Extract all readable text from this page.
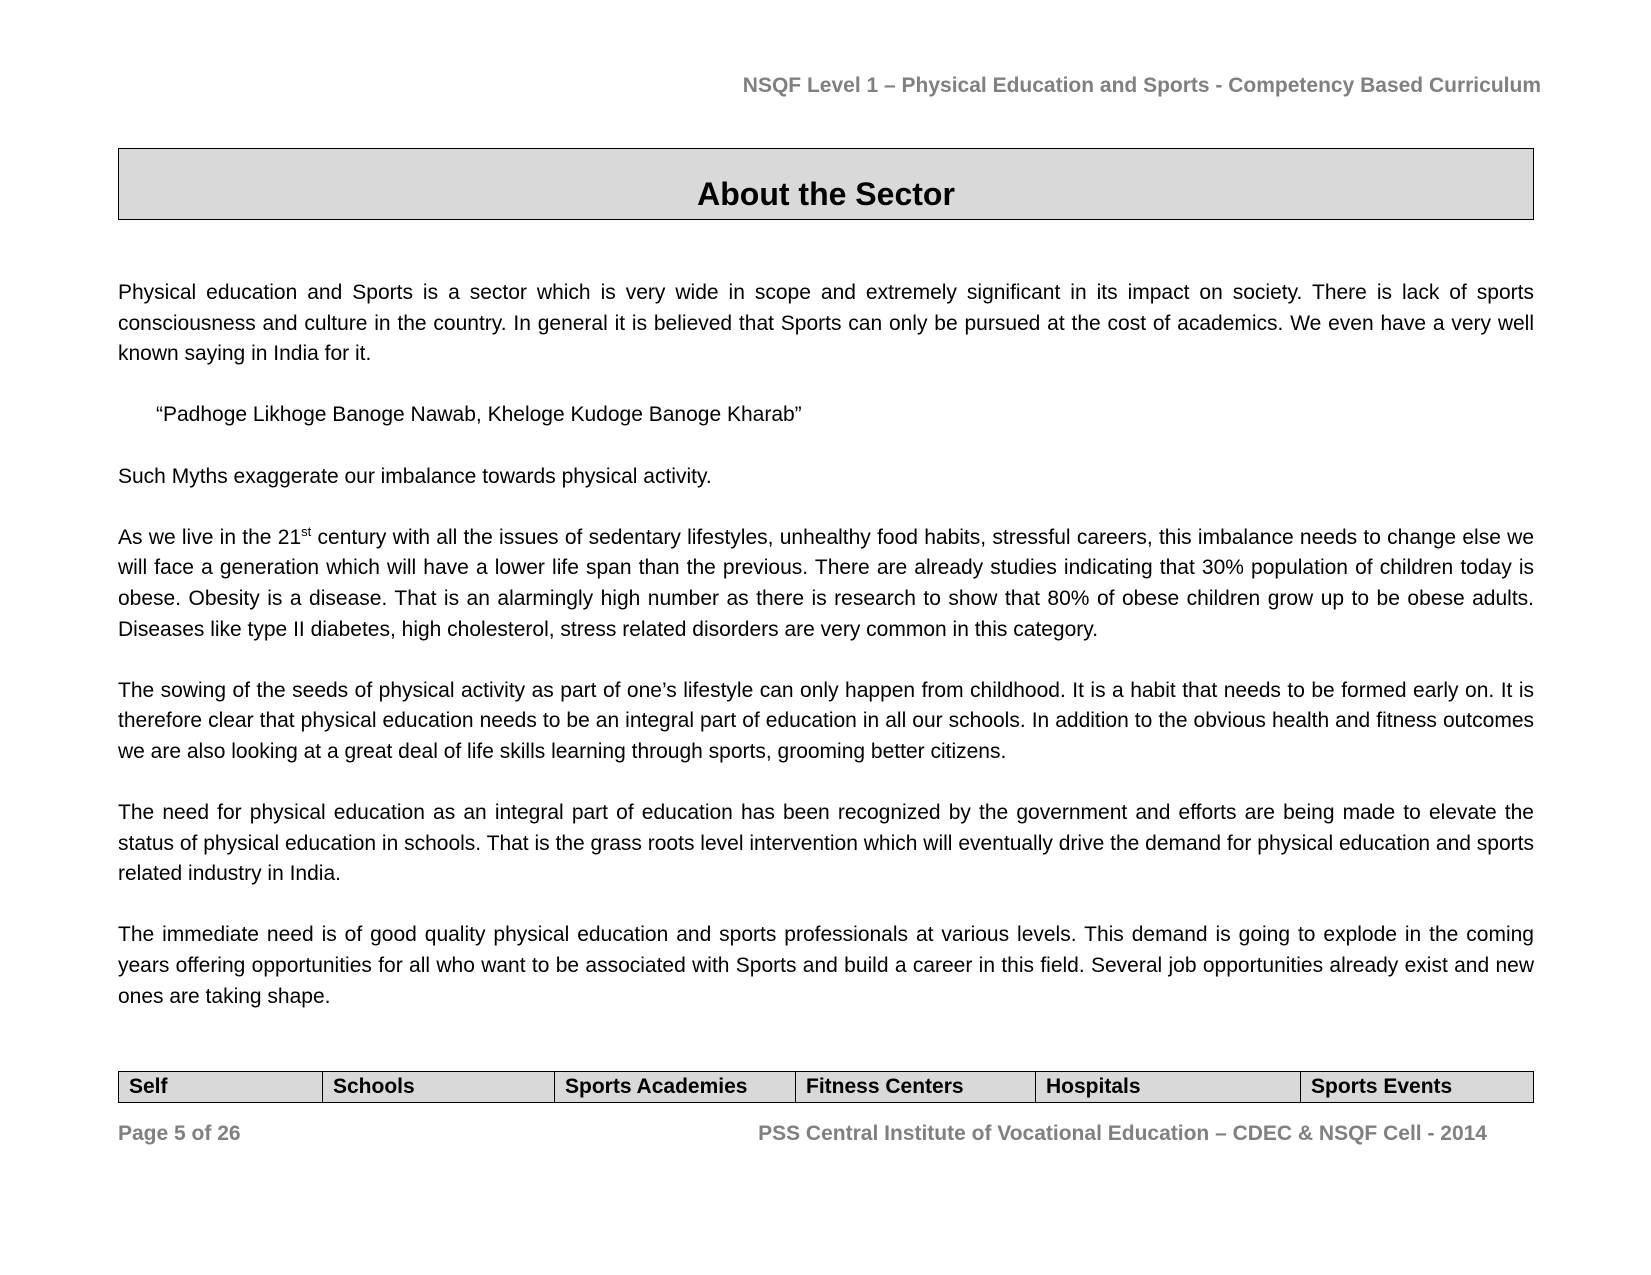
NSQF Level 1 – Physical Education and Sports - Competency Based Curriculum
About the Sector

Physical education and Sports is a sector which is very wide in scope and extremely significant in its impact on society. There is lack of sports consciousness and culture in the country. In general it is believed that Sports can only be pursued at the cost of academics. We even have a very well known saying in India for it.

“Padhoge Likhoge Banoge Nawab, Kheloge Kudoge Banoge Kharab”

Such Myths exaggerate our imbalance towards physical activity.

As we live in the 21st century with all the issues of sedentary lifestyles, unhealthy food habits, stressful careers, this imbalance needs to change else we will face a generation which will have a lower life span than the previous. There are already studies indicating that 30% population of children today is obese. Obesity is a disease. That is an alarmingly high number as there is research to show that 80% of obese children grow up to be obese adults. Diseases like type II diabetes, high cholesterol, stress related disorders are very common in this category.

The sowing of the seeds of physical activity as part of one’s lifestyle can only happen from childhood. It is a habit that needs to be formed early on. It is therefore clear that physical education needs to be an integral part of education in all our schools. In addition to the obvious health and fitness outcomes we are also looking at a great deal of life skills learning through sports, grooming better citizens.

The need for physical education as an integral part of education has been recognized by the government and efforts are being made to elevate the status of physical education in schools. That is the grass roots level intervention which will eventually drive the demand for physical education and sports related industry in India.

The immediate need is of good quality physical education and sports professionals at various levels. This demand is going to explode in the coming years offering opportunities for all who want to be associated with Sports and build a career in this field. Several job opportunities already exist and new ones are taking shape.

Self	Schools	Sports Academies	Fitness Centers	Hospitals	Sports Events
Page 5 of 26	PSS Central Institute of Vocational Education – CDEC & NSQF Cell - 2014
